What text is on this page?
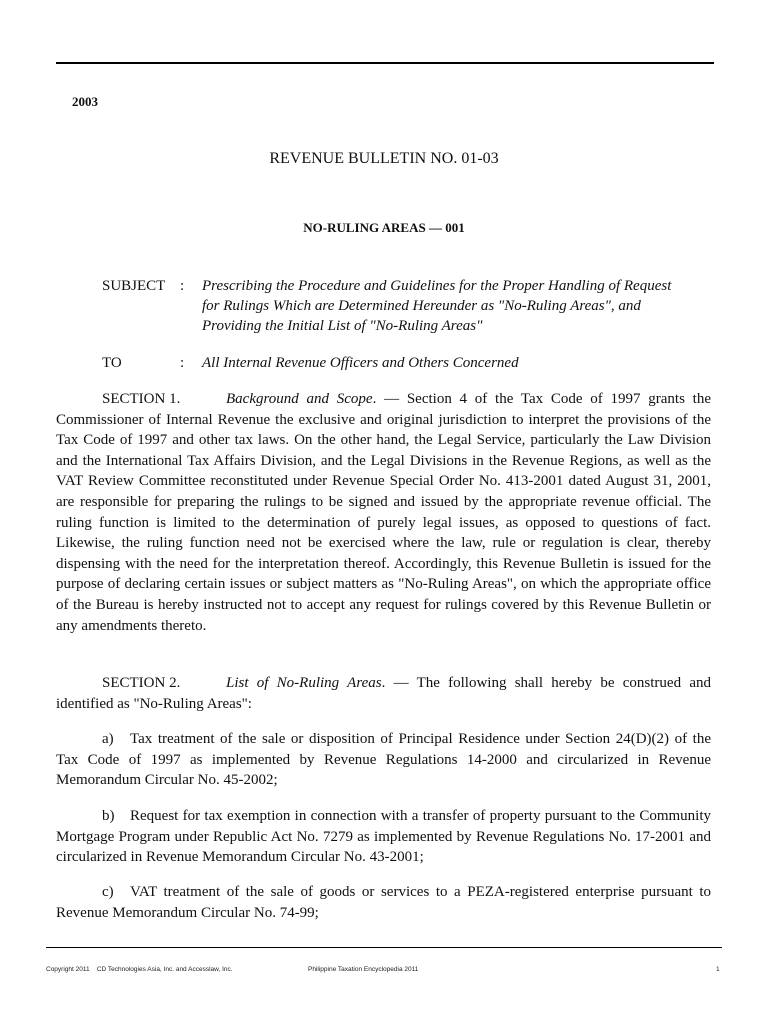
2003
REVENUE BULLETIN NO. 01-03
NO-RULING AREAS — 001
SUBJECT : Prescribing the Procedure and Guidelines for the Proper Handling of Request for Rulings Which are Determined Hereunder as "No-Ruling Areas", and Providing the Initial List of "No-Ruling Areas"
TO	: All Internal Revenue Officers and Others Concerned
SECTION 1.	Background and Scope. — Section 4 of the Tax Code of 1997 grants the Commissioner of Internal Revenue the exclusive and original jurisdiction to interpret the provisions of the Tax Code of 1997 and other tax laws. On the other hand, the Legal Service, particularly the Law Division and the International Tax Affairs Division, and the Legal Divisions in the Revenue Regions, as well as the VAT Review Committee reconstituted under Revenue Special Order No. 413-2001 dated August 31, 2001, are responsible for preparing the rulings to be signed and issued by the appropriate revenue official. The ruling function is limited to the determination of purely legal issues, as opposed to questions of fact. Likewise, the ruling function need not be exercised where the law, rule or regulation is clear, thereby dispensing with the need for the interpretation thereof. Accordingly, this Revenue Bulletin is issued for the purpose of declaring certain issues or subject matters as "No-Ruling Areas", on which the appropriate office of the Bureau is hereby instructed not to accept any request for rulings covered by this Revenue Bulletin or any amendments thereto.
SECTION 2.	List of No-Ruling Areas. — The following shall hereby be construed and identified as "No-Ruling Areas":
a) Tax treatment of the sale or disposition of Principal Residence under Section 24(D)(2) of the Tax Code of 1997 as implemented by Revenue Regulations 14-2000 and circularized in Revenue Memorandum Circular No. 45-2002;
b) Request for tax exemption in connection with a transfer of property pursuant to the Community Mortgage Program under Republic Act No. 7279 as implemented by Revenue Regulations No. 17-2001 and circularized in Revenue Memorandum Circular No. 43-2001;
c) VAT treatment of the sale of goods or services to a PEZA-registered enterprise pursuant to Revenue Memorandum Circular No. 74-99;
Copyright 2011    CD Technologies Asia, Inc. and Accesslaw, Inc.	Philippine Taxation Encyclopedia 2011	1
